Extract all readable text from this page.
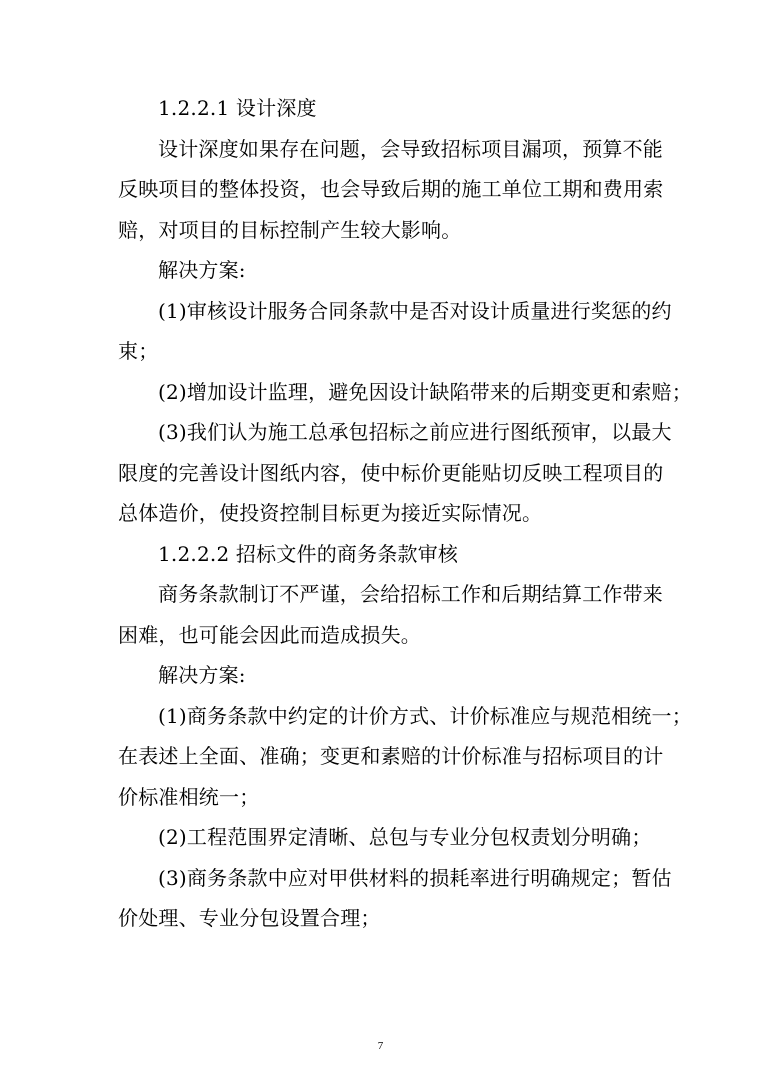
1.2.2.1 设计深度
设计深度如果存在问题，会导致招标项目漏项，预算不能
反映项目的整体投资，也会导致后期的施工单位工期和费用索
赔，对项目的目标控制产生较大影响。
解决方案:
(1)审核设计服务合同条款中是否对设计质量进行奖惩的约
束；
(2)增加设计监理，避免因设计缺陷带来的后期变更和索赔；
(3)我们认为施工总承包招标之前应进行图纸预审，以最大
限度的完善设计图纸内容，使中标价更能贴切反映工程项目的
总体造价，使投资控制目标更为接近实际情况。
1.2.2.2 招标文件的商务条款审核
商务条款制订不严谨，会给招标工作和后期结算工作带来
困难，也可能会因此而造成损失。
解决方案:
(1)商务条款中约定的计价方式、计价标准应与规范相统一；
在表述上全面、准确；变更和素赔的计价标准与招标项目的计
价标准相统一；
(2)工程范围界定清晰、总包与专业分包权责划分明确；
(3)商务条款中应对甲供材料的损耗率进行明确规定；暂估
价处理、专业分包设置合理；
7
